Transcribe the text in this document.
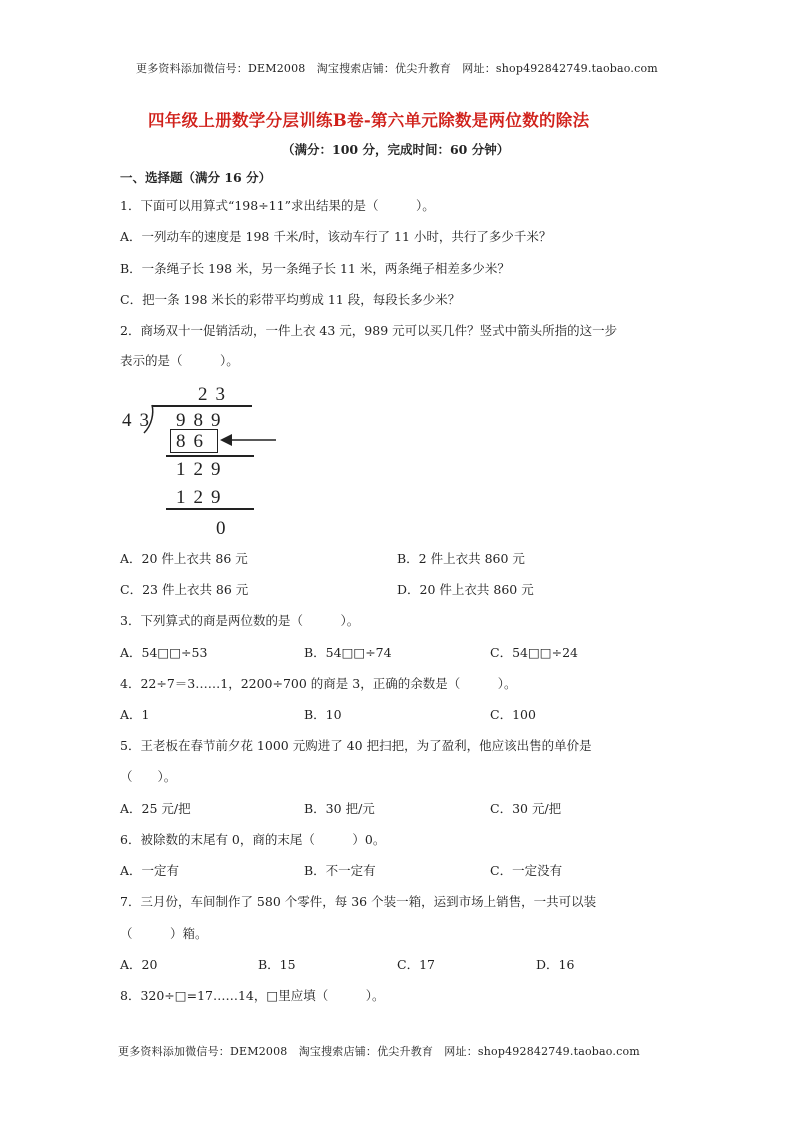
更多资料添加微信号：DEM2008　淘宝搜索店铺：优尖升教育　网址：shop492842749.taobao.com
四年级上册数学分层训练B卷-第六单元除数是两位数的除法
（满分：100 分，完成时间：60 分钟）
一、选择题（满分 16 分）
1．下面可以用算式“198÷11”求出结果的是（　　　）。
A．一列动车的速度是 198 千米/时，该动车行了 11 小时，共行了多少千米？
B．一条绳子长 198 米，另一条绳子长 11 米，两条绳子相差多少米？
C．把一条 198 米长的彩带平均剪成 11 段，每段长多少米？
2．商场双十一促销活动，一件上衣 43 元，989 元可以买几件？竖式中箭头所指的这一步
表示的是（　　　）。
23
43 989
86
129
129
0
A．20 件上衣共 86 元	B．2 件上衣共 860 元
C．23 件上衣共 86 元	D．20 件上衣共 860 元
3．下列算式的商是两位数的是（　　　）。
A．54□□÷53	B．54□□÷74	C．54□□÷24
4．22÷7＝3……1，2200÷700 的商是 3，正确的余数是（　　　）。
A．1	B．10	C．100
5．王老板在春节前夕花 1000 元购进了 40 把扫把，为了盈利，他应该出售的单价是
（　　）。
A．25 元/把	B．30 把/元	C．30 元/把
6．被除数的末尾有 0，商的末尾（　　　）0。
A．一定有	B．不一定有	C．一定没有
7．三月份，车间制作了 580 个零件，每 36 个装一箱，运到市场上销售，一共可以装
（　　　）箱。
A．20	B．15	C．17	D．16
8．320÷□=17……14，□里应填（　　　）。
更多资料添加微信号：DEM2008　淘宝搜索店铺：优尖升教育　网址：shop492842749.taobao.com
